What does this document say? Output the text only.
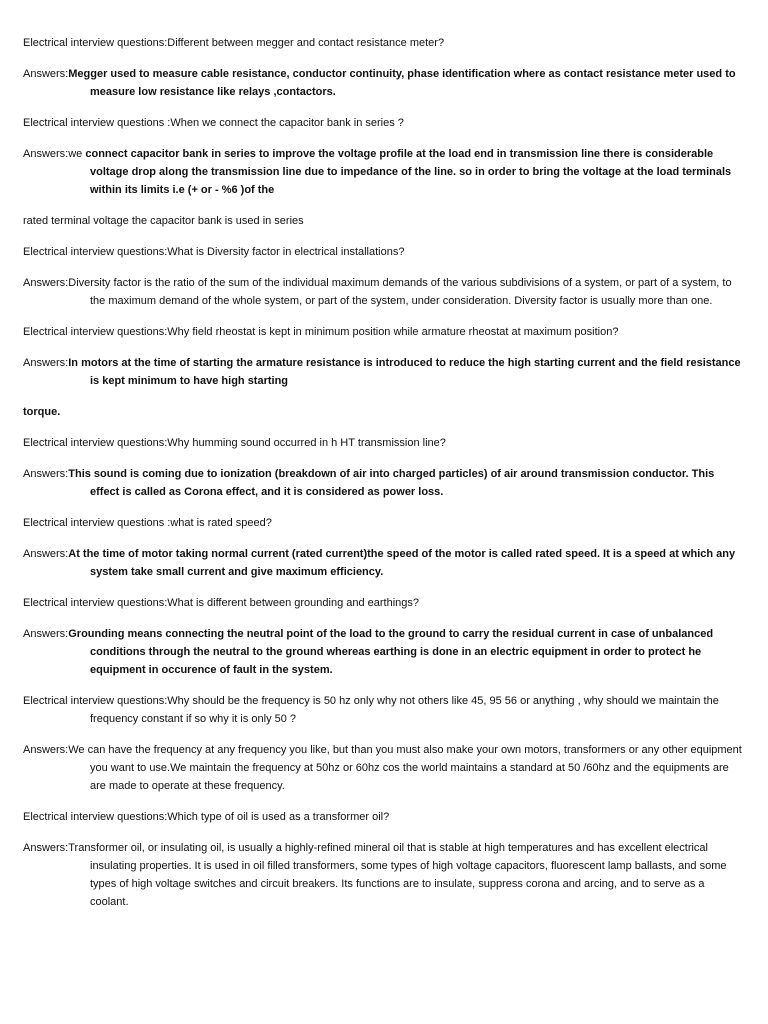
Electrical interview questions:Different between megger and contact resistance meter?

Answers:Megger used to measure cable resistance, conductor continuity, phase identification where as contact resistance meter used to measure low resistance like relays ,contactors.

Electrical interview questions :When we connect the capacitor bank in series ?

Answers:we connect capacitor bank in series to improve the voltage profile at the load end in transmission line there is considerable voltage drop along the transmission line due to impedance of the line. so in order to bring the voltage at the load terminals within its limits i.e (+ or - %6 )of the

rated terminal voltage the capacitor bank is used in series

Electrical interview questions:What is Diversity factor in electrical installations?

Answers:Diversity factor is the ratio of the sum of the individual maximum demands of the various subdivisions of a system, or part of a system, to the maximum demand of the whole system, or part of the system, under consideration. Diversity factor is usually more than one.

Electrical interview questions:Why field rheostat is kept in minimum position while armature rheostat at maximum position?

Answers:In motors at the time of starting the armature resistance is introduced to reduce the high starting current and the field resistance is kept minimum to have high starting

torque.

Electrical interview questions:Why humming sound occurred in h HT transmission line?

Answers:This sound is coming due to ionization (breakdown of air into charged particles) of air around transmission conductor. This effect is called as Corona effect, and it is considered as power loss.

Electrical interview questions :what is rated speed?

Answers:At the time of motor taking normal current (rated current)the speed of the motor is called rated speed. It is a speed at which any system take small current and give maximum efficiency.

Electrical interview questions:What is different between grounding and earthings?

Answers:Grounding means connecting the neutral point of the load to the ground to carry the residual current in case of unbalanced conditions through the neutral to the ground whereas earthing is done in an electric equipment in order to protect he equipment in occurence of fault in the system.

Electrical interview questions:Why should be the frequency is 50 hz only why not others like 45, 95 56 or anything , why should we maintain the frequency constant if so why it is only 50 ?

Answers:We can have the frequency at any frequency you like, but than you must also make your own motors, transformers or any other equipment you want to use.We maintain the frequency at 50hz or 60hz cos the world maintains a standard at 50 /60hz and the equipments are are made to operate at these frequency.

Electrical interview questions:Which type of oil is used as a transformer oil?

Answers:Transformer oil, or insulating oil, is usually a highly-refined mineral oil that is stable at high temperatures and has excellent electrical insulating properties. It is used in oil filled transformers, some types of high voltage capacitors, fluorescent lamp ballasts, and some types of high voltage switches and circuit breakers. Its functions are to insulate, suppress corona and arcing, and to serve as a coolant.
